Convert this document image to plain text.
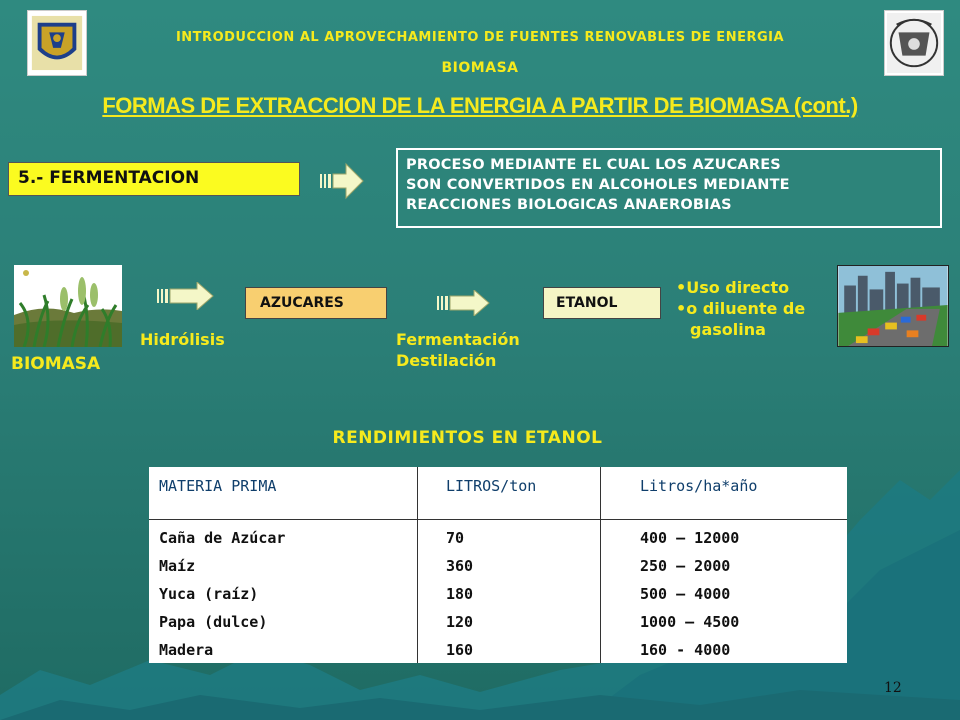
INTRODUCCION AL APROVECHAMIENTO DE FUENTES RENOVABLES DE ENERGIA
BIOMASA
FORMAS DE EXTRACCION DE LA ENERGIA A PARTIR DE BIOMASA (cont.)
5.- FERMENTACION
PROCESO MEDIANTE EL CUAL LOS AZUCARES
SON CONVERTIDOS EN ALCOHOLES MEDIANTE
REACCIONES BIOLOGICAS ANAEROBIAS
BIOMASA
Hidrólisis
AZUCARES
Fermentación
Destilación
ETANOL
•Uso directo
•o diluente de
gasolina
RENDIMIENTOS EN ETANOL
MATERIA PRIMA	LITROS/ton	Litros/ha*año
Caña de Azúcar	70	400 – 12000
Maíz	360	250 – 2000
Yuca (raíz)	180	500 – 4000
Papa (dulce)	120	1000 – 4500
Madera	160	160 - 4000
12
